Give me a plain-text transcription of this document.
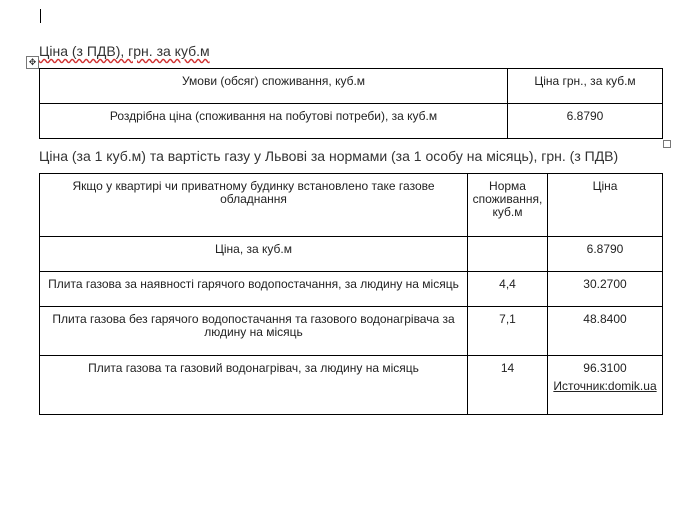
Ціна (з ПДВ), грн. за куб.м
✥
Умови (обсяг) споживання, куб.м	Ціна грн., за куб.м
Роздрібна ціна (споживання на побутові потреби), за куб.м	6.8790
Ціна (за 1 куб.м) та вартість газу у Львові за нормами (за 1 особу на місяць), грн. (з ПДВ)
Якщо у квартирі чи приватному будинку встановлено таке газове обладнання	Норма споживання, куб.м	Ціна
Ціна, за куб.м		6.8790
Плита газова за наявності гарячого водопостачання, за людину на місяць	4,4	30.2700
Плита газова без гарячого водопостачання та газового водонагрівача за людину на місяць	7,1	48.8400
Плита газова та газовий водонагрівач, за людину на місяць	14	96.3100
Источник:domik.ua
